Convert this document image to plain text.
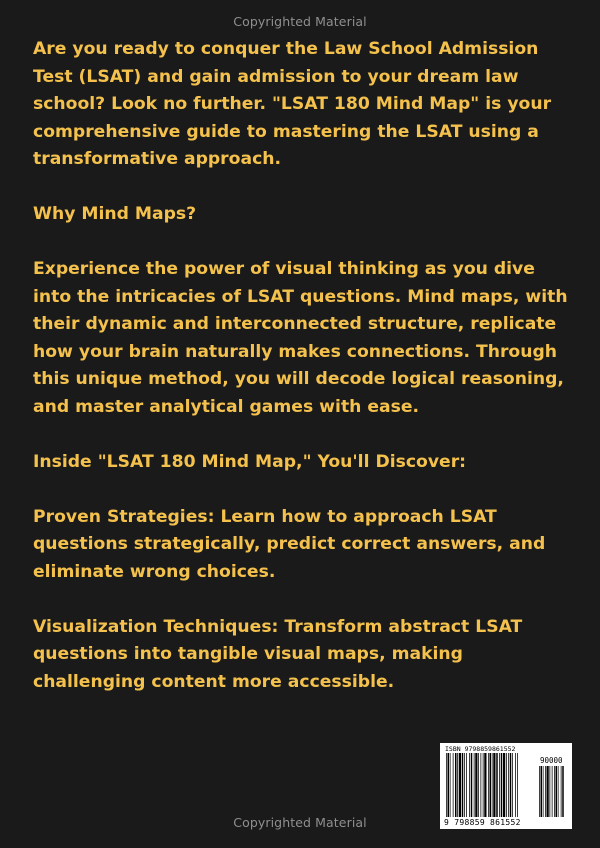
Copyrighted Material

Are you ready to conquer the Law School Admission Test (LSAT) and gain admission to your dream law school? Look no further. "LSAT 180 Mind Map" is your comprehensive guide to mastering the LSAT using a transformative approach.

Why Mind Maps?

Experience the power of visual thinking as you dive into the intricacies of LSAT questions. Mind maps, with their dynamic and interconnected structure, replicate how your brain naturally makes connections. Through this unique method, you will decode logical reasoning, and master analytical games with ease.

Inside "LSAT 180 Mind Map," You'll Discover:

Proven Strategies: Learn how to approach LSAT questions strategically, predict correct answers, and eliminate wrong choices.

Visualization Techniques: Transform abstract LSAT questions into tangible visual maps, making challenging content more accessible.

ISBN 9798859861552
90000
9 798859 861552
Copyrighted Material
